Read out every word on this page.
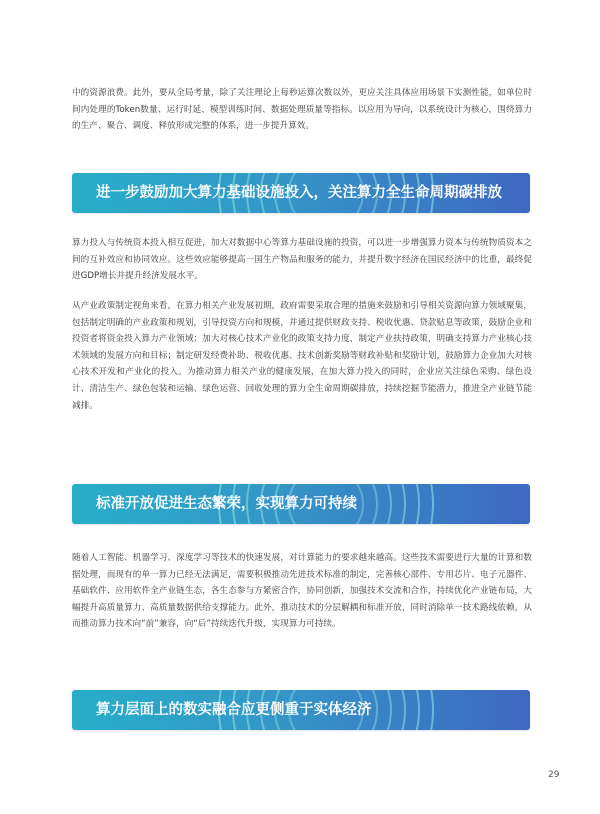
中的资源浪费。此外，要从全局考量，除了关注理论上每秒运算次数以外，更应关注具体应用场景下实测性能，如单位时间内处理的Token数量、运行时延、模型训练时间、数据处理质量等指标。以应用为导向，以系统设计为核心，围绕算力的生产、聚合、调度、释放形成完整的体系，进一步提升算效。

进一步鼓励加大算力基础设施投入，关注算力全生命周期碳排放

算力投入与传统资本投入相互促进，加大对数据中心等算力基础设施的投资，可以进一步增强算力资本与传统物质资本之间的互补效应和协同效应。这些效应能够提高一国生产物品和服务的能力，并提升数字经济在国民经济中的比重，最终促进GDP增长并提升经济发展水平。

从产业政策制定视角来看，在算力相关产业发展初期，政府需要采取合理的措施来鼓励和引导相关资源向算力领域聚集，包括制定明确的产业政策和规划，引导投资方向和规模，并通过提供财政支持、税收优惠、贷款贴息等政策，鼓励企业和投资者将资金投入算力产业领域；加大对核心技术产业化的政策支持力度，制定产业扶持政策，明确支持算力产业核心技术领域的发展方向和目标；制定研发经费补助、税收优惠、技术创新奖励等财政补贴和奖励计划，鼓励算力企业加大对核心技术开发和产业化的投入。为推动算力相关产业的健康发展，在加大算力投入的同时，企业应关注绿色采购、绿色设计、清洁生产、绿色包装和运输、绿色运营、回收处理的算力全生命周期碳排放，持续挖掘节能潜力，推进全产业链节能减排。

标准开放促进生态繁荣，实现算力可持续

随着人工智能、机器学习、深度学习等技术的快速发展，对计算能力的要求越来越高。这些技术需要进行大量的计算和数据处理，而现有的单一算力已经无法满足，需要积极推动先进技术标准的制定，完善核心部件、专用芯片、电子元器件、基础软件、应用软件全产业链生态，各生态参与方紧密合作，协同创新，加强技术交流和合作，持续优化产业链布局，大幅提升高质量算力、高质量数据供给支撑能力。此外，推动技术的分层解耦和标准开放，同时消除单一技术路线依赖，从而推动算力技术向“前”兼容，向“后”持续迭代升级，实现算力可持续。

算力层面上的数实融合应更侧重于实体经济
29
